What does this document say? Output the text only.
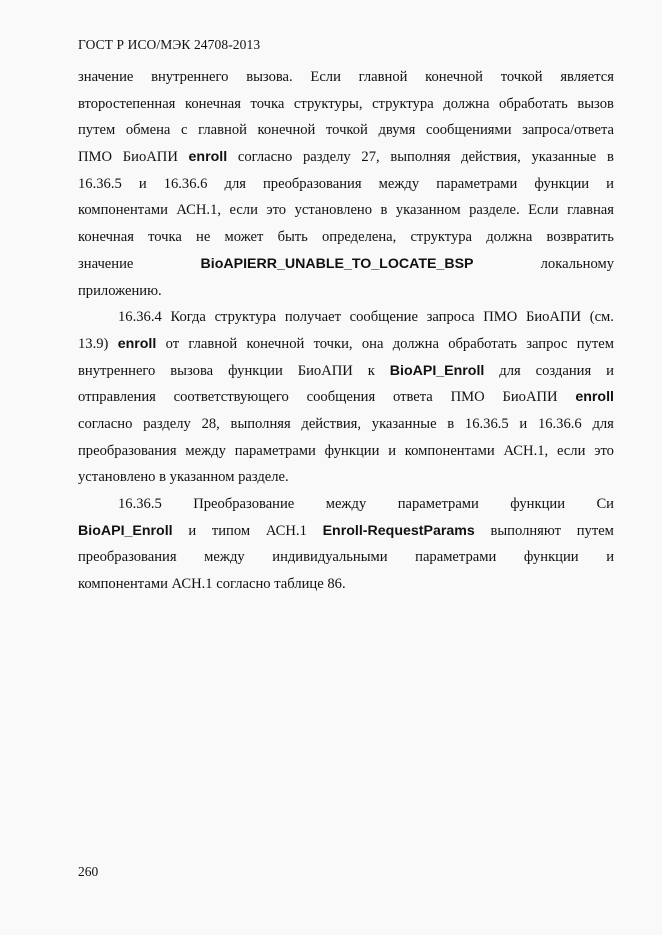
ГОСТ Р ИСО/МЭК 24708-2013
значение внутреннего вызова. Если главной конечной точкой является
второстепенная конечная точка структуры, структура должна обработать вызов
путем обмена с главной конечной точкой двумя сообщениями запроса/ответа
ПМО БиоАПИ enroll согласно разделу 27, выполняя действия, указанные в
16.36.5 и 16.36.6 для преобразования между параметрами функции и
компонентами АСН.1, если это установлено в указанном разделе. Если главная
конечная точка не может быть определена, структура должна возвратить
значение	BioAPIERR_UNABLE_TO_LOCATE_BSP	локальному
приложению.
16.36.4 Когда структура получает сообщение запроса ПМО БиоАПИ (см.
13.9) enroll от главной конечной точки, она должна обработать запрос путем
внутреннего вызова функции БиоАПИ к BioAPI_Enroll для создания и
отправления соответствующего сообщения ответа ПМО БиоАПИ enroll
согласно разделу 28, выполняя действия, указанные в 16.36.5 и 16.36.6 для
преобразования между параметрами функции и компонентами АСН.1, если это
установлено в указанном разделе.
16.36.5 Преобразование между параметрами функции Си
BioAPI_Enroll и типом АСН.1 Enroll-RequestParams выполняют путем
преобразования между индивидуальными параметрами функции и
компонентами АСН.1 согласно таблице 86.
260
